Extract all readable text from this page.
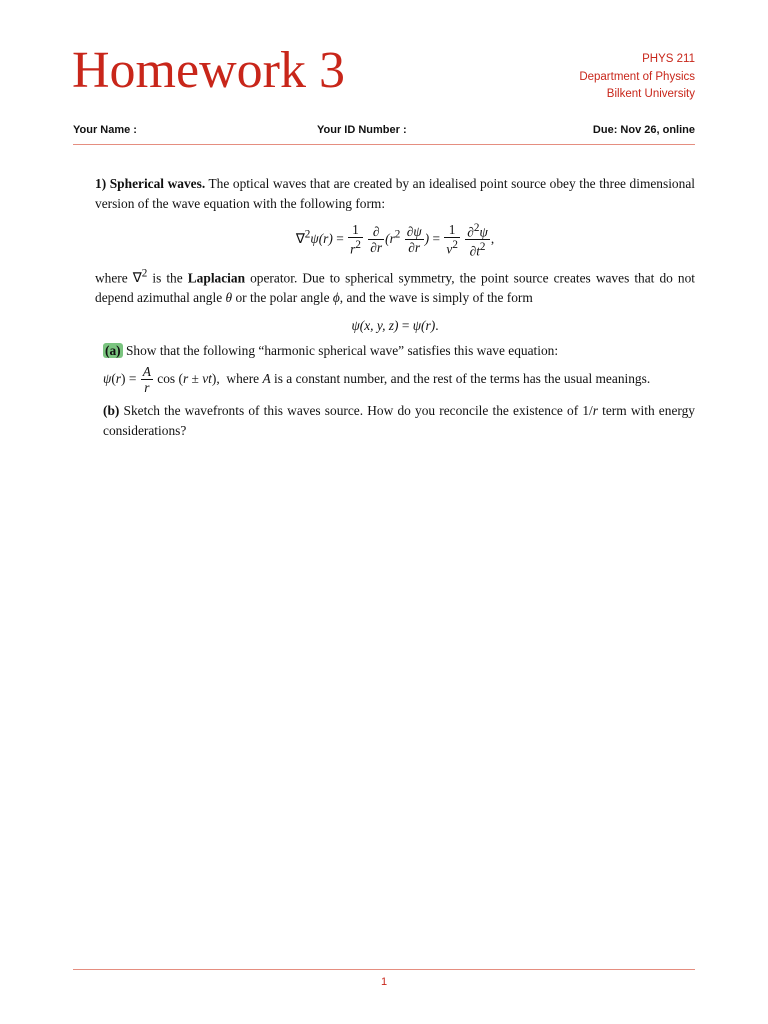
Homework 3	PHYS 211
Department of Physics
Bilkent University
Your Name :	Your ID Number :	Due: Nov 26, online

1) Spherical waves. The optical waves that are created by an idealised point source obey the three dimensional version of the wave equation with the following form:

$\nabla^2\psi(r) = \frac{1}{r^2}$
$\frac{\partial}{\partial r} (r^2 \frac{\partial\psi}{\partial r}$ ) = $\frac{1}{v^2}$
$\frac{\partial^2\psi}{\partial t^2}$ ,

where ∇$^2$ is the Laplacian operator. Due to spherical symmetry, the point source creates waves that do not depend azimuthal angle θ or the polar angle ϕ, and the wave is simply of the form

ψ(x, y, z) = ψ(r).

(a) Show that the following “harmonic spherical wave” satisfies this wave equation:

$\psi(r) = \frac{A}{r}$ cos (r ± vt),  where A is a constant number, and the rest of the terms has the usual meanings.

(b) Sketch the wavefronts of this waves source. How do you reconcile the existence of 1/r term with energy considerations?

1
